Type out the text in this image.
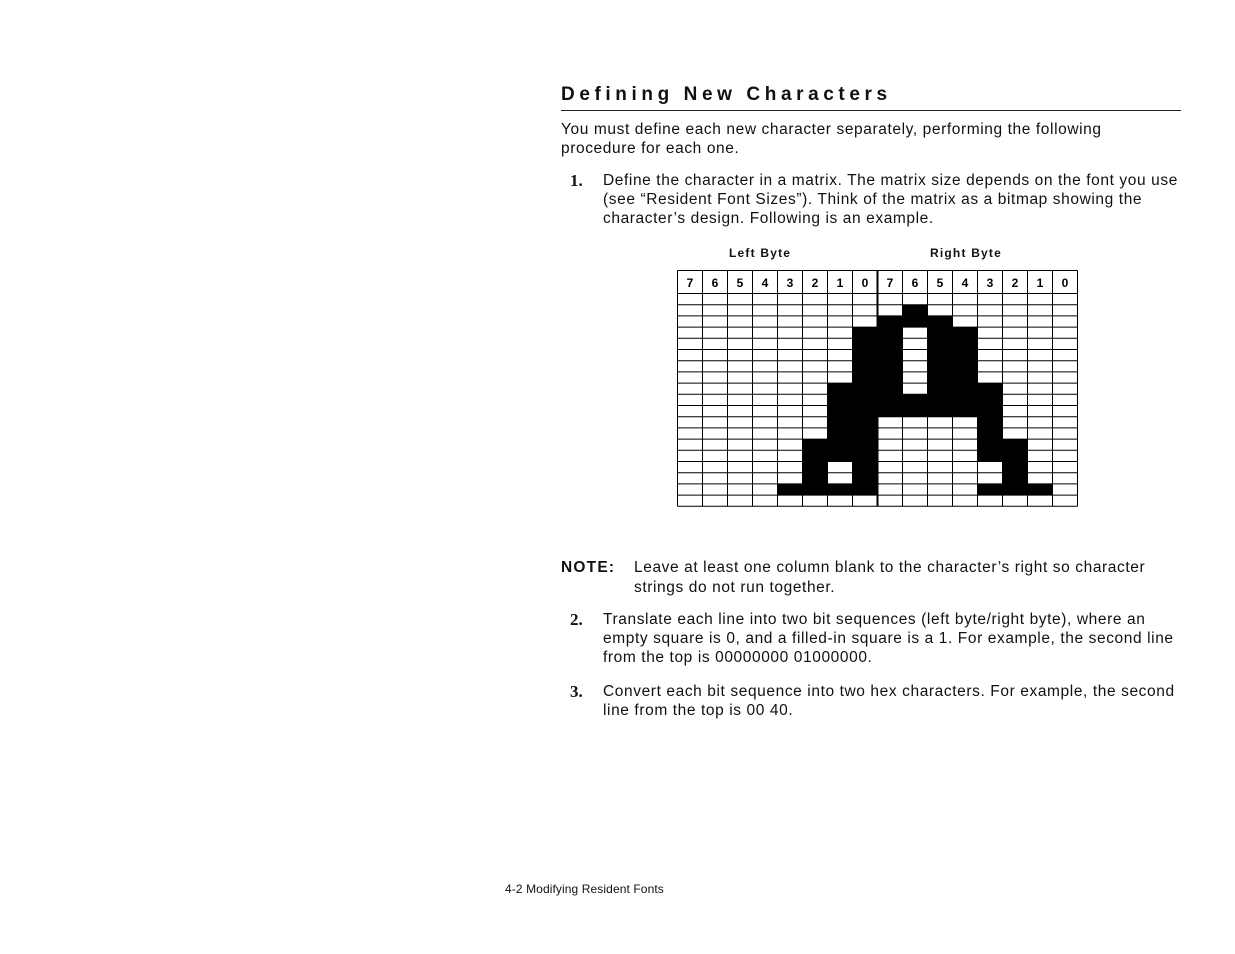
Defining New Characters

You must define each new character separately, performing the following procedure for each one.

1. Define the character in a matrix. The matrix size depends on the font you use (see “Resident Font Sizes”). Think of the matrix as a bitmap showing the character’s design. Following is an example.

Left Byte	Right Byte
7 6 5 4 3 2 1 0 7 6 5 4 3 2 1 0
NOTE: Leave at least one column blank to the character’s right so character strings do not run together.

2. Translate each line into two bit sequences (left byte/right byte), where an empty square is 0, and a filled-in square is a 1. For example, the second line from the top is 00000000 01000000.

3. Convert each bit sequence into two hex characters. For example, the second line from the top is 00 40.

4-2 Modifying Resident Fonts
